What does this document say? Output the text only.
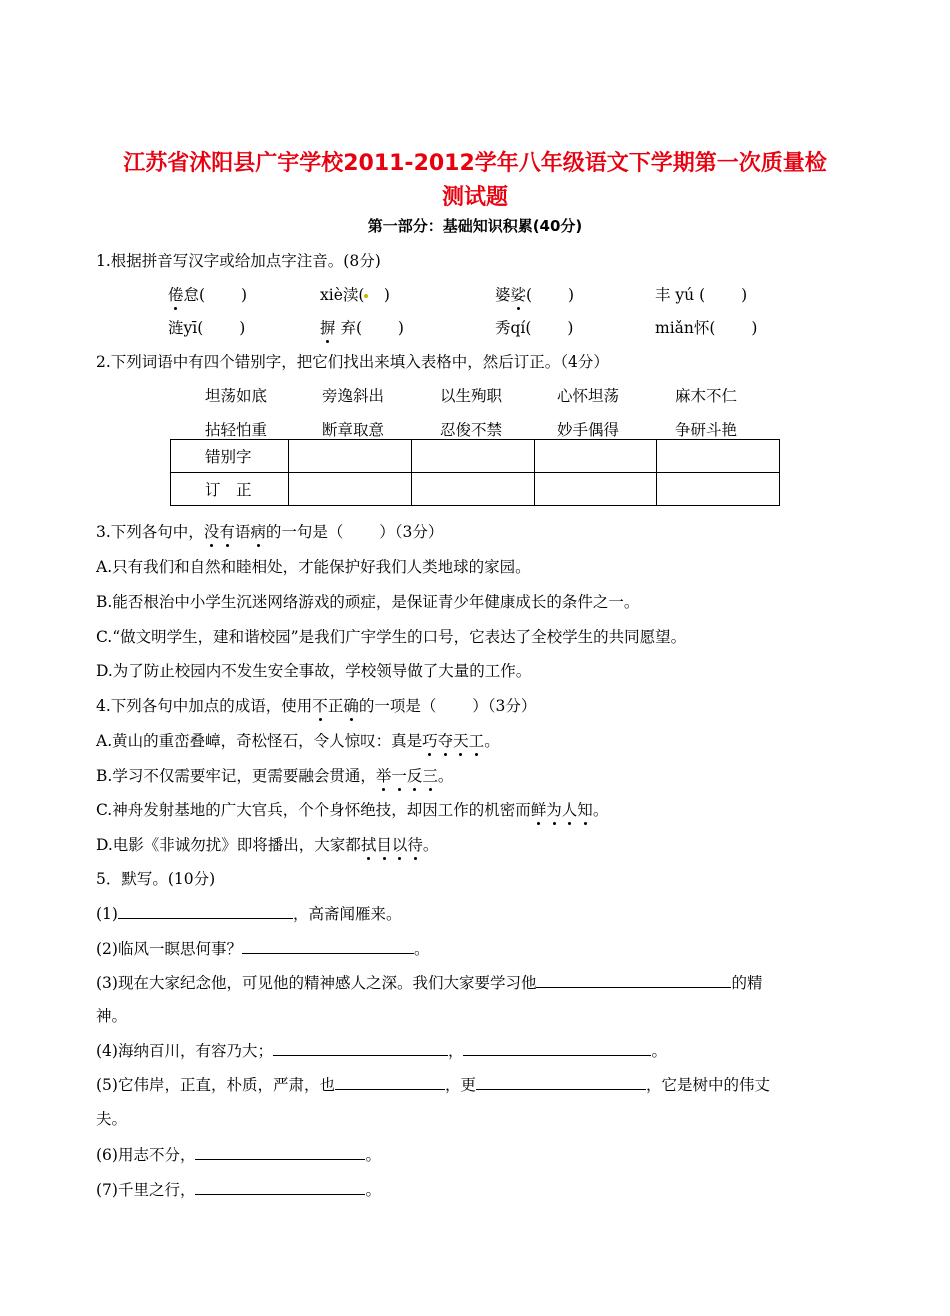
江苏省沭阳县广宇学校2011-2012学年八年级语文下学期第一次质量检
测试题
第一部分：基础知识积累(40分)
1.根据拼音写汉字或给加点字注音。(8分)
倦怠(　　 )	xiè渎(　)	婆娑(　　 )	丰 yú (　　 )
涟yī(　　 )	摒 弃(　　 )	秀qí(　　 )	miǎn怀(　　 )
2.下列词语中有四个错别字，把它们找出来填入表格中，然后订正。（4分）
坦荡如底	旁逸斜出	以生殉职	心怀坦荡	麻木不仁
拈轻怕重	断章取意	忍俊不禁	妙手偶得	争研斗艳
错别字				
订　正				
3.下列各句中，没有语病的一句是（　　 ）（3分）
A.只有我们和自然和睦相处，才能保护好我们人类地球的家园。
B.能否根治中小学生沉迷网络游戏的顽症，是保证青少年健康成长的条件之一。
C.“做文明学生，建和谐校园”是我们广宇学生的口号，它表达了全校学生的共同愿望。
D.为了防止校园内不发生安全事故，学校领导做了大量的工作。
4.下列各句中加点的成语，使用不正确的一项是（　　 ）（3分）
A.黄山的重峦叠嶂，奇松怪石，令人惊叹：真是巧夺天工。
B.学习不仅需要牢记，更需要融会贯通，举一反三。
C.神舟发射基地的广大官兵，个个身怀绝技，却因工作的机密而鲜为人知。
D.电影《非诚勿扰》即将播出，大家都拭目以待。
5．默写。(10分)
(1)	，高斋闻雁来。
(2)临风一瞑思何事？	。
(3)现在大家纪念他，可见他的精神感人之深。我们大家要学习他	的精
神。
(4)海纳百川，有容乃大；	，	。
(5)它伟岸，正直，朴质，严肃，也	，更	，它是树中的伟丈
夫。
(6)用志不分，	。
(7)千里之行，	。
